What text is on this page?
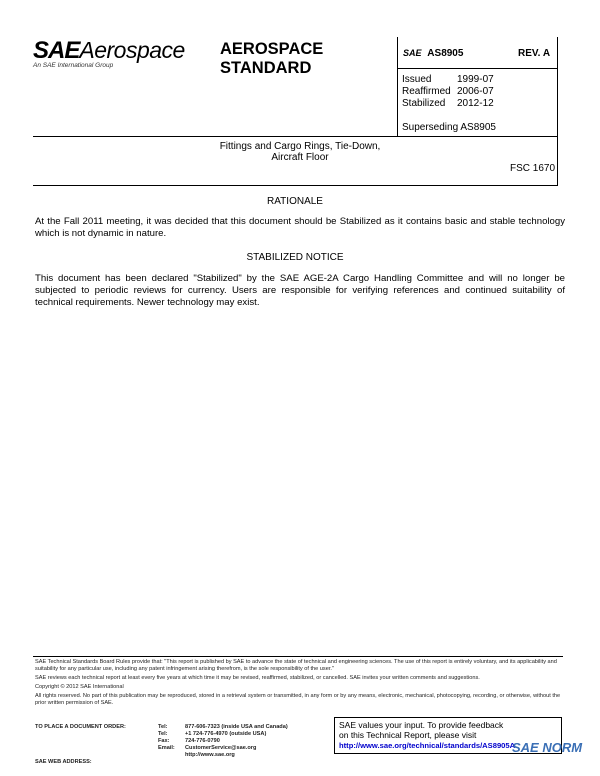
SAEAerospace
An SAE International Group
AEROSPACE
STANDARD
SAE AS8905	REV. A
Issued	1999-07
Reaffirmed 2006-07
Stabilized 2012-12
Superseding AS8905
Fittings and Cargo Rings, Tie-Down,
Aircraft Floor
FSC 1670
RATIONALE
At the Fall 2011 meeting, it was decided that this document should be Stabilized as it contains basic and stable technology which is not dynamic in nature.
STABILIZED NOTICE
This document has been declared "Stabilized" by the SAE AGE-2A Cargo Handling Committee and will no longer be subjected to periodic reviews for currency. Users are responsible for verifying references and continued suitability of technical requirements. Newer technology may exist.
SAE Technical Standards Board Rules provide that: "This report is published by SAE to advance the state of technical and engineering sciences. The use of this report is entirely voluntary, and its applicability and suitability for any particular use, including any patent infringement arising therefrom, is the sole responsibility of the user."
SAE reviews each technical report at least every five years at which time it may be revised, reaffirmed, stabilized, or cancelled. SAE invites your written comments and suggestions.
Copyright © 2012 SAE International
All rights reserved. No part of this publication may be reproduced, stored in a retrieval system or transmitted, in any form or by any means, electronic, mechanical, photocopying, recording, or otherwise, without the prior written permission of SAE.
TO PLACE A DOCUMENT ORDER:
SAE WEB ADDRESS:
Tel:	877-606-7323 (inside USA and Canada)
Tel:	+1 724-776-4970 (outside USA)
Fax:	724-776-0790
Email: CustomerService@sae.org
http://www.sae.org
SAE values your input. To provide feedback
on this Technical Report, please visit
http://www.sae.org/technical/standards/AS8905A
SAE NORM
